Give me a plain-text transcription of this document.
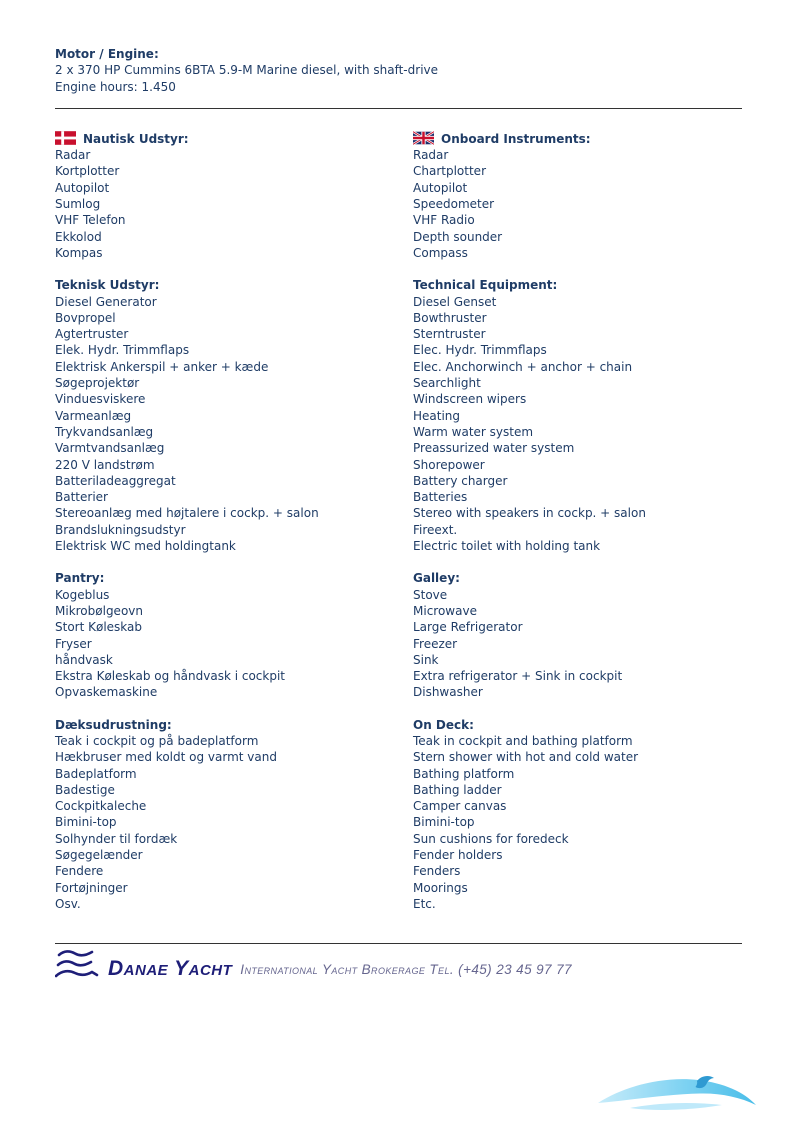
Motor / Engine:
2 x 370 HP Cummins 6BTA 5.9-M Marine diesel, with shaft-drive
Engine hours: 1.450
Nautisk Udstyr:
Radar
Kortplotter
Autopilot
Sumlog
VHF Telefon
Ekkolod
Kompas
Teknisk Udstyr:
Diesel Generator
Bovpropel
Agtertruster
Elek. Hydr. Trimmflaps
Elektrisk Ankerspil + anker + kæde
Søgeprojektør
Vinduesviskere
Varmeanlæg
Trykvandsanlæg
Varmtvandsanlæg
220 V landstrøm
Batteriladeaggregat
Batterier
Stereoanlæg med højtalere i cockp. + salon
Brandslukningsudstyr
Elektrisk WC med holdingtank
Pantry:
Kogeblus
Mikrobølgeovn
Stort Køleskab
Fryser
håndvask
Ekstra Køleskab og håndvask i cockpit
Opvaskemaskine
Dæksudrustning:
Teak i cockpit og på badeplatform
Hækbruser med koldt og varmt vand
Badeplatform
Badestige
Cockpitkaleche
Bimini-top
Solhynder til fordæk
Søgegelænder
Fendere
Fortøjninger
Osv.
Onboard Instruments:
Radar
Chartplotter
Autopilot
Speedometer
VHF Radio
Depth sounder
Compass
Technical Equipment:
Diesel Genset
Bowthruster
Sterntruster
Elec. Hydr. Trimmflaps
Elec. Anchorwinch + anchor + chain
Searchlight
Windscreen wipers
Heating
Warm water system
Preassurized water system
Shorepower
Battery charger
Batteries
Stereo with speakers in cockp. + salon
Fireext.
Electric toilet with holding tank
Galley:
Stove
Microwave
Large Refrigerator
Freezer
Sink
Extra refrigerator + Sink in cockpit
Dishwasher
On Deck:
Teak in cockpit and bathing platform
Stern shower with hot and cold water
Bathing platform
Bathing ladder
Camper canvas
Bimini-top
Sun cushions for foredeck
Fender holders
Fenders
Moorings
Etc.
Danae Yacht International Yacht Brokerage Tel. (+45) 23 45 97 77
